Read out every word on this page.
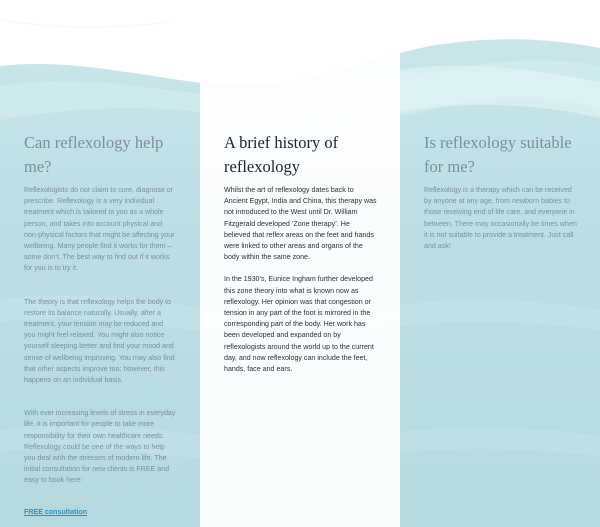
Can reflexology help me?

Reflexologists do not claim to cure, diagnose or prescribe. Reflexology is a very individual treatment which is tailored to you as a whole person, and takes into account physical and non-physical factors that might be affecting your wellbeing. Many people find it works for them – some don’t. The best way to find out if it works for you is to try it.

The theory is that reflexology helps the body to restore its balance naturally. Usually, after a treatment, your tension may be reduced and you might feel relaxed. You might also notice yourself sleeping better and find your mood and sense of wellbeing improving. You may also find that other aspects improve too; however, this happens on an individual basis.

With ever increasing levels of stress in everyday life, it is important for people to take more responsibility for their own healthcare needs. Reflexology could be one of the ways to help you deal with the stresses of modern life. The initial consultation for new clients is FREE and easy to book here:

FREE consultation
A brief history of reflexology

Whilst the art of reflexology dates back to Ancient Egypt, India and China, this therapy was not introduced to the West until Dr. William Fitzgerald developed ‘Zone therapy’. He believed that reflex areas on the feet and hands were linked to other areas and organs of the body within the same zone.

In the 1930’s, Eunice Ingham further developed this zone theory into what is known now as reflexology. Her opinion was that congestion or tension in any part of the foot is mirrored in the corresponding part of the body. Her work has been developed and expanded on by reflexologists around the world up to the current day, and now reflexology can include the feet, hands, face and ears.

Is reflexology suitable for me?

Reflexology is a therapy which can be received by anyone at any age, from newborn babies to those receiving end of life care, and everyone in between. There may occasionally be times when it is not suitable to provide a treatment. Just call and ask!
